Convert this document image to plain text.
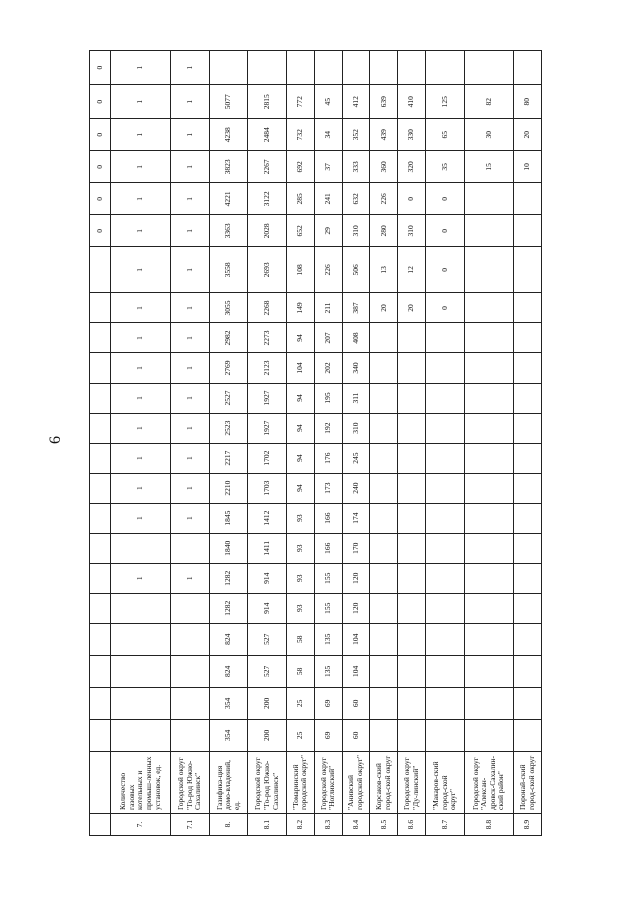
6
																		0	0	0	0	0	0
7.	Количество газовых котельных и промыш-ленных установок, ед.						1		1	1	1	1	1	1	1	1	1	1	1	1	1	1	1
7.1	Городской округ "Го-род Южно-Сахалинск"						1		1	1	1	1	1	1	1	1	1	1	1	1	1	1	1
8.	Газифика-ция домо-владений, ед.	354	354	824	824	1282	1282	1840	1845	2210	2217	2523	2527	2769	2982	3055	3558	3363	4221	3823	4238	5077	
8.1	Городской округ "Го-род Южно-Сахалинск"	200	200	527	527	914	914	1411	1412	1703	1702	1927	1927	2123	2273	2268	2693	2028	3122	2267	2484	2815	
8.2	"Томаринский городской округ"	25	25	58	58	93	93	93	93	94	94	94	94	104	94	149	108	652	285	692	732	772	
8.3	Городской округ "Ногликский"	69	69	135	135	155	155	166	166	173	176	192	195	202	207	211	226	29	241	37	34	45	
8.4	"Анивский городской округ"	60	60	104	104	120	120	170	174	240	245	310	311	340	408	387	506	310	632	333	352	412	
8.5	Корсаков-ский город-ской округ															20	13	280	226	360	439	639	
8.6	Городской округ "Ду-линский"															20	12	310	0	320	330	410	
8.7	"Макаров-ский город-ской округ"															0	0	0	0	35	65	125	
8.8	Городской округ "Алексан-дровск-Сахалин-ский район"																			15	30	82	
8.9	Поронай-ский город-ской округ																			10	20	80	
